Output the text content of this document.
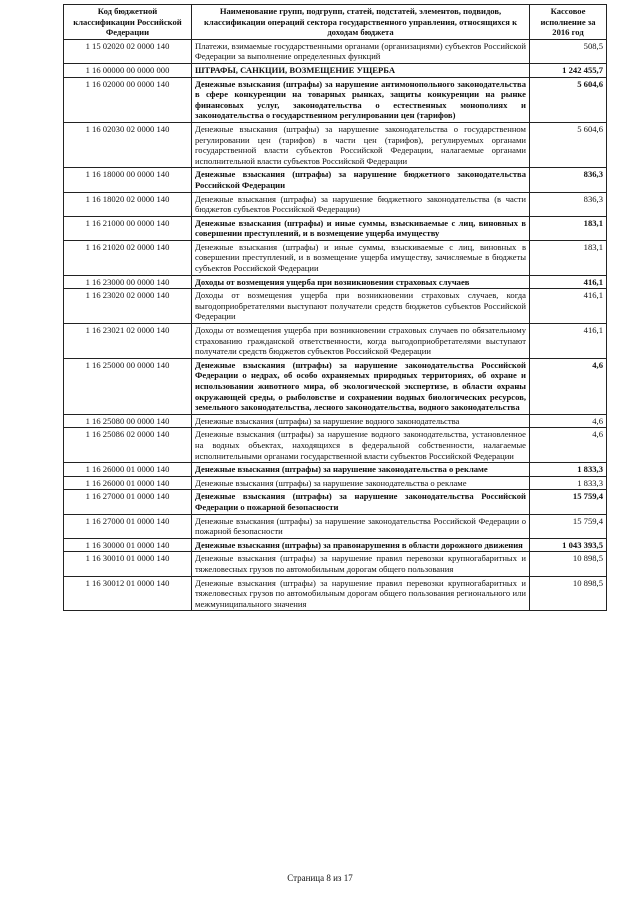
Код бюджетной классификации Российской Федерации	Наименование групп, подгрупп, статей, подстатей, элементов, подвидов, классификации операций сектора государственного управления, относящихся к доходам бюджета	Кассовое исполнение за 2016 год
1 15 02020 02 0000 140	Платежи, взимаемые государственными органами (организациями) субъектов Российской Федерации за выполнение определенных функций	508,5
1 16 00000 00 0000 000	ШТРАФЫ, САНКЦИИ, ВОЗМЕЩЕНИЕ УЩЕРБА	1 242 455,7
1 16 02000 00 0000 140	Денежные взыскания (штрафы) за нарушение антимонопольного законодательства в сфере конкуренции на товарных рынках, защиты конкуренции на рынке финансовых услуг, законодательства о естественных монополиях и законодательства о государственном регулировании цен (тарифов)	5 604,6
1 16 02030 02 0000 140	Денежные взыскания (штрафы) за нарушение законодательства о государственном регулировании цен (тарифов) в части цен (тарифов), регулируемых органами государственной власти субъектов Российской Федерации, налагаемые органами исполнительной власти субъектов Российской Федерации	5 604,6
1 16 18000 00 0000 140	Денежные взыскания (штрафы) за нарушение бюджетного законодательства Российской Федерации	836,3
1 16 18020 02 0000 140	Денежные взыскания (штрафы) за нарушение бюджетного законодательства (в части бюджетов субъектов Российской Федерации)	836,3
1 16 21000 00 0000 140	Денежные взыскания (штрафы) и иные суммы, взыскиваемые с лиц, виновных в совершении преступлений, и в возмещение ущерба имуществу	183,1
1 16 21020 02 0000 140	Денежные взыскания (штрафы) и иные суммы, взыскиваемые с лиц, виновных в совершении преступлений, и в возмещение ущерба имуществу, зачисляемые в бюджеты субъектов Российской Федерации	183,1
1 16 23000 00 0000 140	Доходы от возмещения ущерба при возникновении страховых случаев	416,1
1 16 23020 02 0000 140	Доходы от возмещения ущерба при возникновении страховых случаев, когда выгодоприобретателями выступают получатели средств бюджетов субъектов Российской Федерации	416,1
1 16 23021 02 0000 140	Доходы от возмещения ущерба при возникновении страховых случаев по обязательному страхованию гражданской ответственности, когда выгодоприобретателями выступают получатели средств бюджетов субъектов Российской Федерации	416,1
1 16 25000 00 0000 140	Денежные взыскания (штрафы) за нарушение законодательства Российской Федерации о недрах, об особо охраняемых природных территориях, об охране и использовании животного мира, об экологической экспертизе, в области охраны окружающей среды, о рыболовстве и сохранении водных биологических ресурсов, земельного законодательства, лесного законодательства, водного законодательства	4,6
1 16 25080 00 0000 140	Денежные взыскания (штрафы) за нарушение водного законодательства	4,6
1 16 25086 02 0000 140	Денежные взыскания (штрафы) за нарушение водного законодательства, установленное на водных объектах, находящихся в федеральной собственности, налагаемые исполнительными органами государственной власти субъектов Российской Федерации	4,6
1 16 26000 01 0000 140	Денежные взыскания (штрафы) за нарушение законодательства о рекламе	1 833,3
1 16 26000 01 0000 140	Денежные взыскания (штрафы) за нарушение законодательства о рекламе	1 833,3
1 16 27000 01 0000 140	Денежные взыскания (штрафы) за нарушение законодательства Российской Федерации о пожарной безопасности	15 759,4
1 16 27000 01 0000 140	Денежные взыскания (штрафы) за нарушение законодательства Российской Федерации о пожарной безопасности	15 759,4
1 16 30000 01 0000 140	Денежные взыскания (штрафы) за правонарушения в области дорожного движения	1 043 393,5
1 16 30010 01 0000 140	Денежные взыскания (штрафы) за нарушение правил перевозки крупногабаритных и тяжеловесных грузов по автомобильным дорогам общего пользования	10 898,5
1 16 30012 01 0000 140	Денежные взыскания (штрафы) за нарушение правил перевозки крупногабаритных и тяжеловесных грузов по автомобильным дорогам общего пользования регионального или межмуниципального значения	10 898,5
Страница 8 из 17
